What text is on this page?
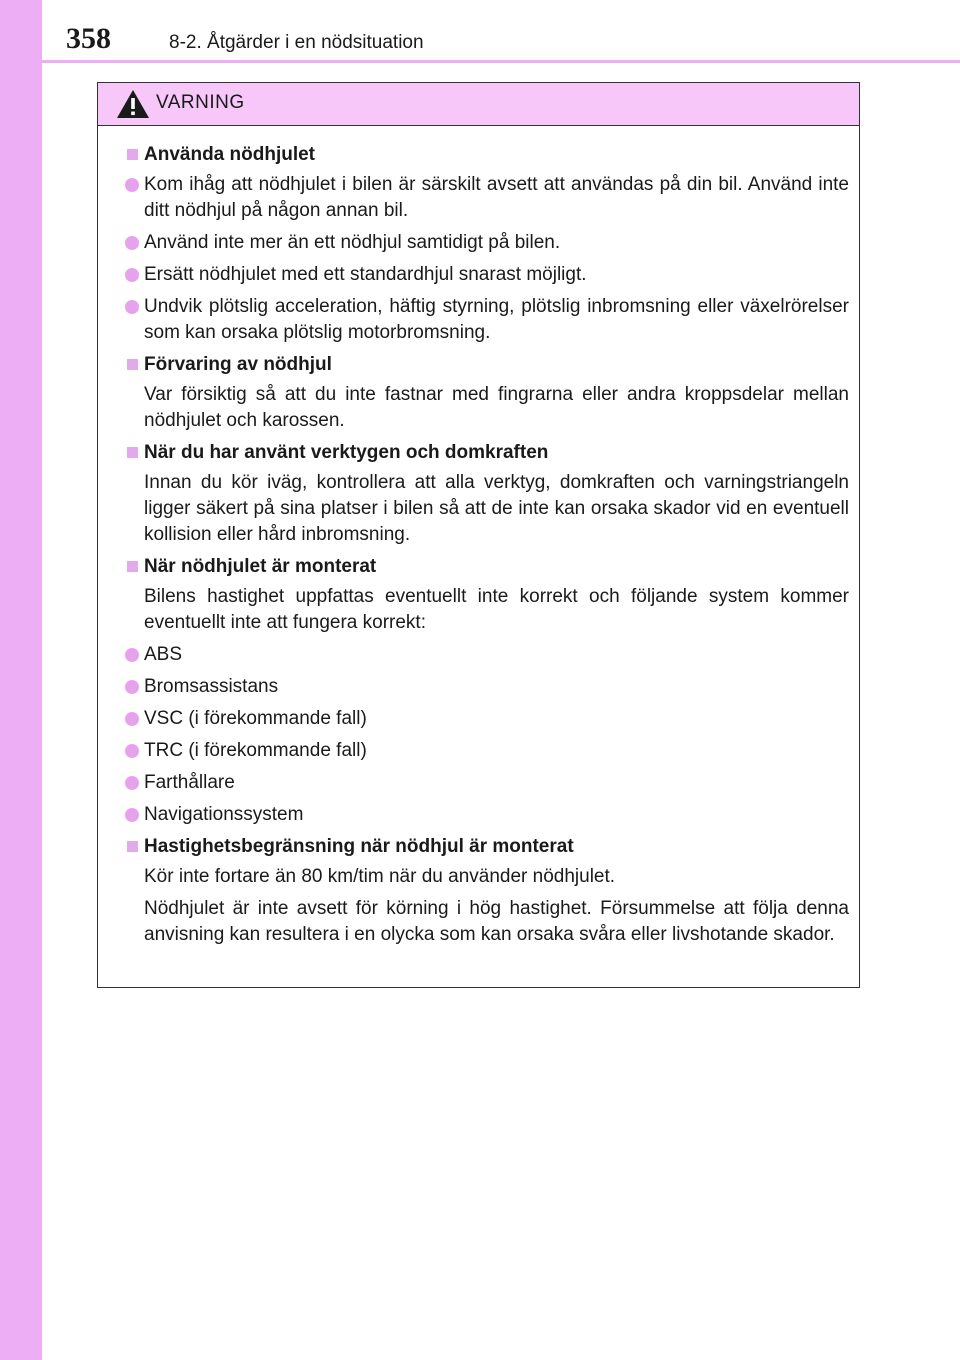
358	8-2. Åtgärder i en nödsituation
VARNING
Använda nödhjulet
Kom ihåg att nödhjulet i bilen är särskilt avsett att användas på din bil. Använd inte ditt nödhjul på någon annan bil.
Använd inte mer än ett nödhjul samtidigt på bilen.
Ersätt nödhjulet med ett standardhjul snarast möjligt.
Undvik plötslig acceleration, häftig styrning, plötslig inbromsning eller växelrörelser som kan orsaka plötslig motorbromsning.
Förvaring av nödhjul
Var försiktig så att du inte fastnar med fingrarna eller andra kroppsdelar mellan nödhjulet och karossen.
När du har använt verktygen och domkraften
Innan du kör iväg, kontrollera att alla verktyg, domkraften och varningstriangeln ligger säkert på sina platser i bilen så att de inte kan orsaka skador vid en eventuell kollision eller hård inbromsning.
När nödhjulet är monterat
Bilens hastighet uppfattas eventuellt inte korrekt och följande system kommer eventuellt inte att fungera korrekt:
ABS
Bromsassistans
VSC (i förekommande fall)
TRC (i förekommande fall)
Farthållare
Navigationssystem
Hastighetsbegränsning när nödhjul är monterat
Kör inte fortare än 80 km/tim när du använder nödhjulet.
Nödhjulet är inte avsett för körning i hög hastighet. Försummelse att följa denna anvisning kan resultera i en olycka som kan orsaka svåra eller livshotande skador.
